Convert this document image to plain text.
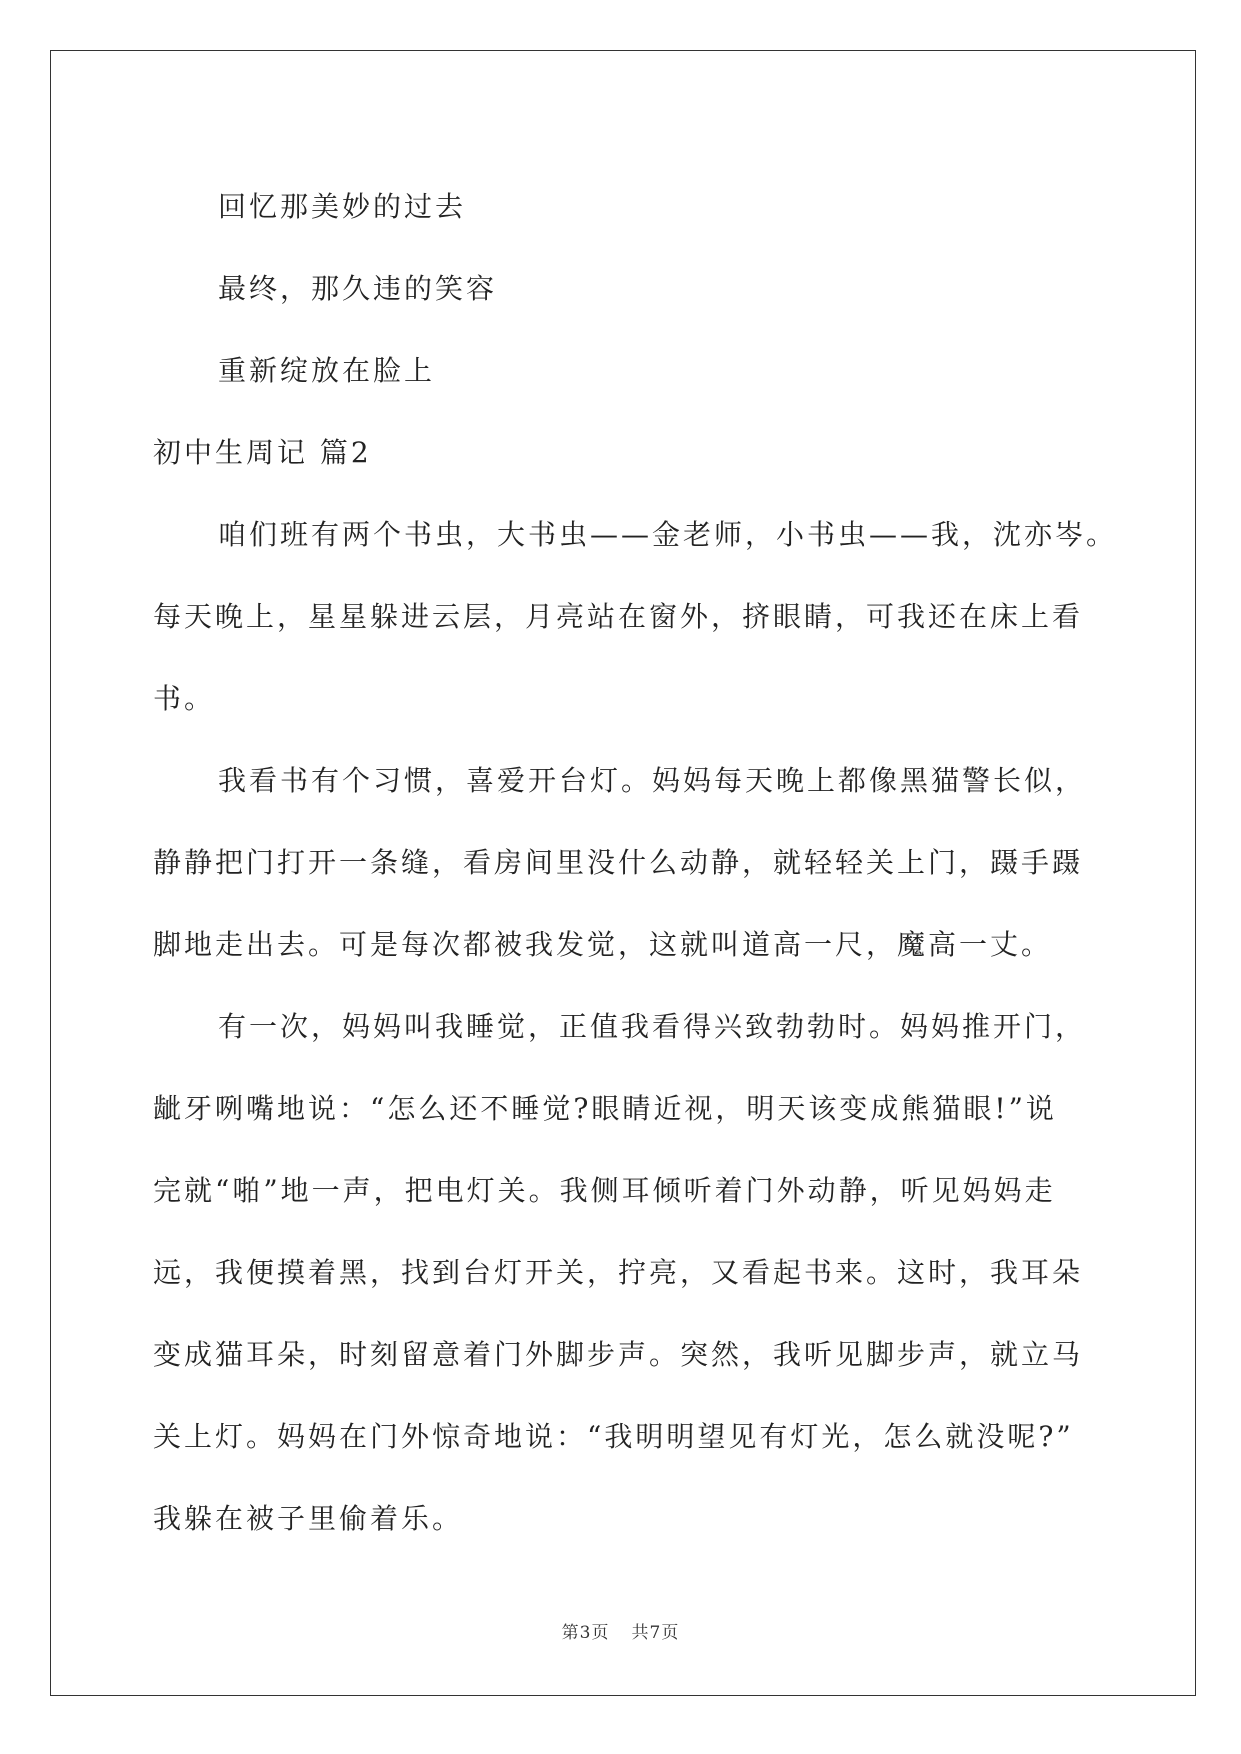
回忆那美妙的过去
最终，那久违的笑容
重新绽放在脸上
初中生周记 篇2
咱们班有两个书虫，大书虫——金老师，小书虫——我，沈亦岑。
每天晚上，星星躲进云层，月亮站在窗外，挤眼睛，可我还在床上看
书。
我看书有个习惯，喜爱开台灯。妈妈每天晚上都像黑猫警长似，
静静把门打开一条缝，看房间里没什么动静，就轻轻关上门，蹑手蹑
脚地走出去。可是每次都被我发觉，这就叫道高一尺，魔高一丈。
有一次，妈妈叫我睡觉，正值我看得兴致勃勃时。妈妈推开门，
龇牙咧嘴地说：“怎么还不睡觉?眼睛近视，明天该变成熊猫眼!”说
完就“啪”地一声，把电灯关。我侧耳倾听着门外动静，听见妈妈走
远，我便摸着黑，找到台灯开关，拧亮，又看起书来。这时，我耳朵
变成猫耳朵，时刻留意着门外脚步声。突然，我听见脚步声，就立马
关上灯。妈妈在门外惊奇地说：“我明明望见有灯光，怎么就没呢?”
我躲在被子里偷着乐。
第3页 共7页
